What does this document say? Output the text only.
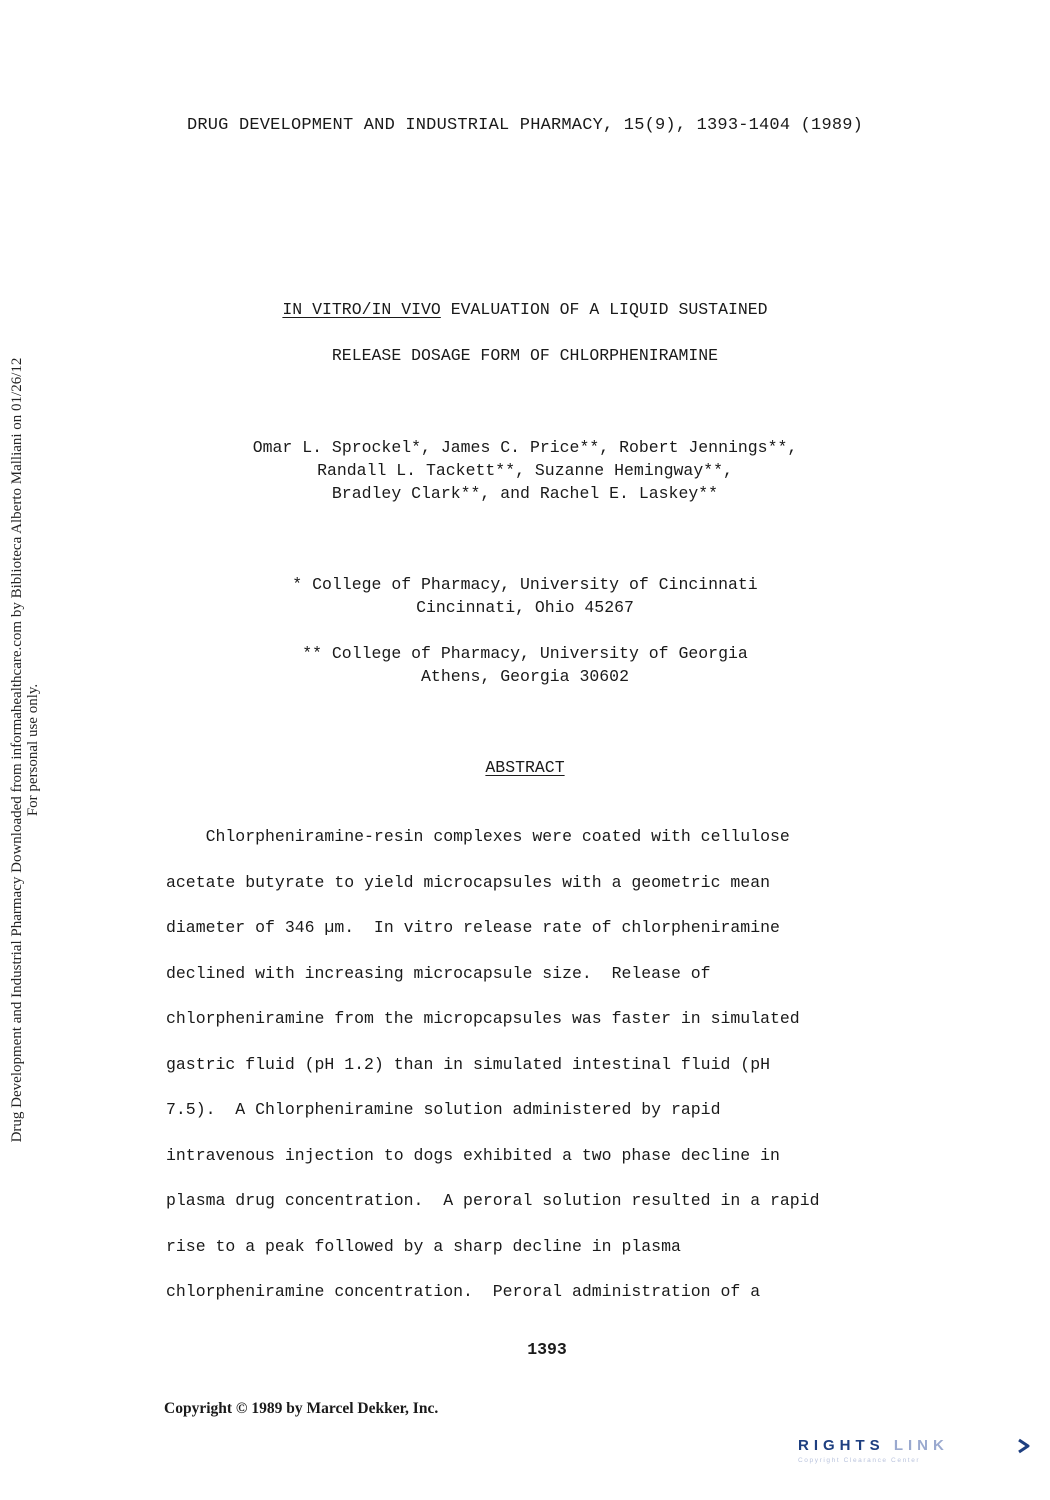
Drug Development and Industrial Pharmacy Downloaded from informahealthcare.com by Biblioteca Alberto Malliani on 01/26/12 For personal use only.
DRUG DEVELOPMENT AND INDUSTRIAL PHARMACY, 15(9), 1393-1404 (1989)
IN VITRO/IN VIVO EVALUATION OF A LIQUID SUSTAINED
RELEASE DOSAGE FORM OF CHLORPHENIRAMINE
Omar L. Sprockel*, James C. Price**, Robert Jennings**,
Randall L. Tackett**, Suzanne Hemingway**,
Bradley Clark**, and Rachel E. Laskey**
* College of Pharmacy, University of Cincinnati
Cincinnati, Ohio 45267
** College of Pharmacy, University of Georgia
Athens, Georgia 30602
ABSTRACT
Chlorpheniramine-resin complexes were coated with cellulose
acetate butyrate to yield microcapsules with a geometric mean
diameter of 346 µm.  In vitro release rate of chlorpheniramine
declined with increasing microcapsule size.  Release of
chlorpheniramine from the micropcapsules was faster in simulated
gastric fluid (pH 1.2) than in simulated intestinal fluid (pH
7.5).  A Chlorpheniramine solution administered by rapid
intravenous injection to dogs exhibited a two phase decline in
plasma drug concentration.  A peroral solution resulted in a rapid
rise to a peak followed by a sharp decline in plasma
chlorpheniramine concentration.  Peroral administration of a
1393
Copyright © 1989 by Marcel Dekker, Inc.
RIGHTS LINK
Copyright Clearance Center
